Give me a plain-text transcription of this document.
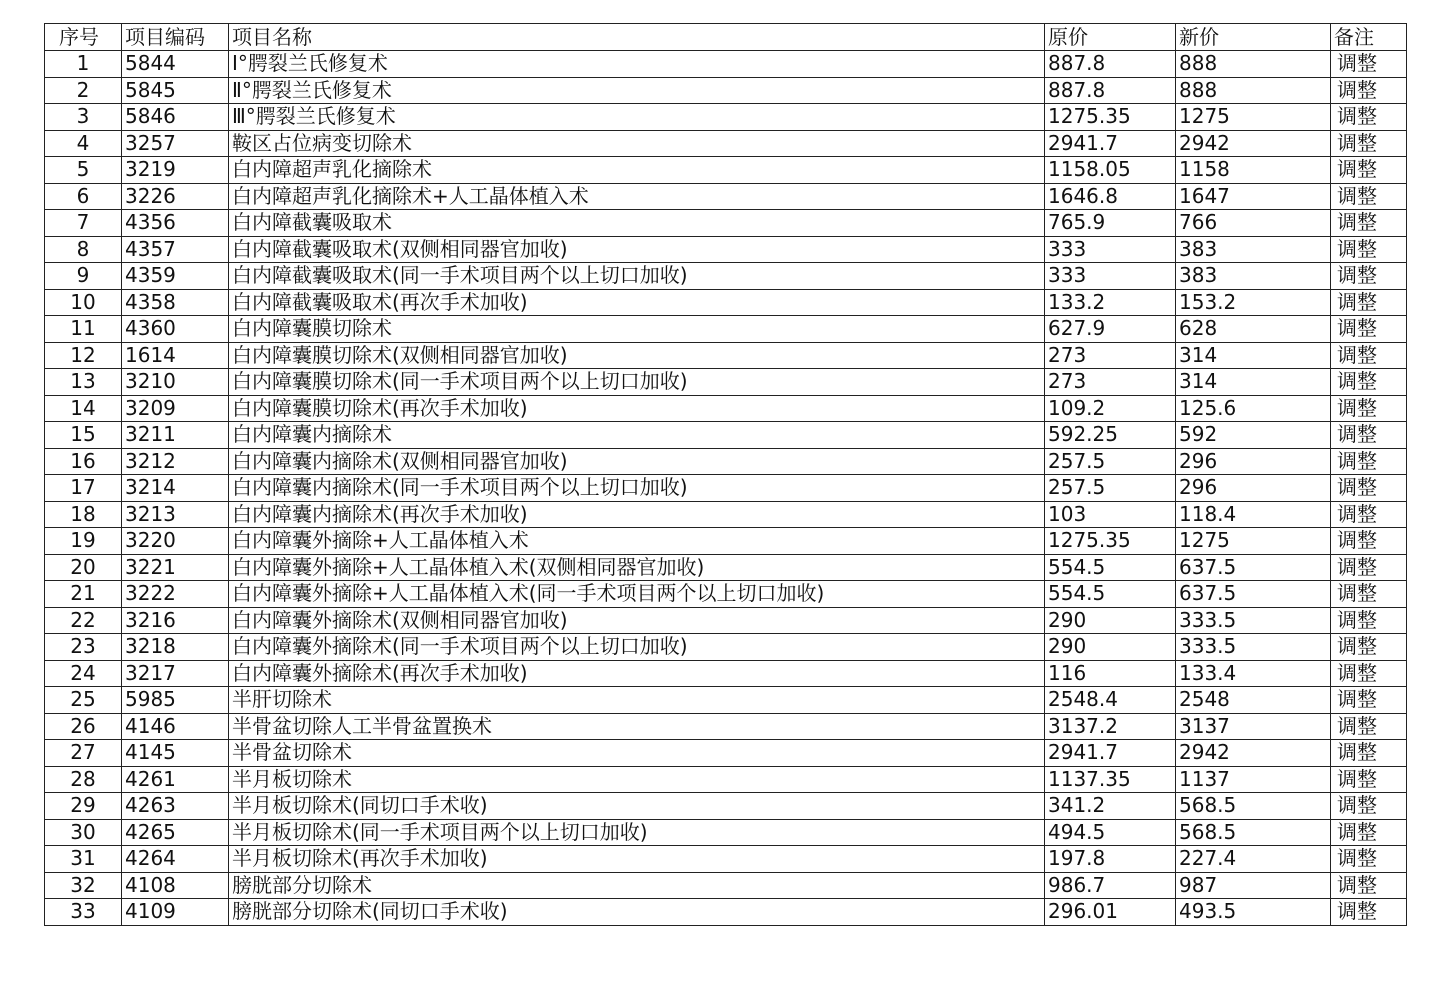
序号	项目编码	项目名称	原价	新价	备注
1	5844	Ⅰ°腭裂兰氏修复术	887.8	888	调整
2	5845	Ⅱ°腭裂兰氏修复术	887.8	888	调整
3	5846	Ⅲ°腭裂兰氏修复术	1275.35	1275	调整
4	3257	鞍区占位病变切除术	2941.7	2942	调整
5	3219	白内障超声乳化摘除术	1158.05	1158	调整
6	3226	白内障超声乳化摘除术+人工晶体植入术	1646.8	1647	调整
7	4356	白内障截囊吸取术	765.9	766	调整
8	4357	白内障截囊吸取术(双侧相同器官加收)	333	383	调整
9	4359	白内障截囊吸取术(同一手术项目两个以上切口加收)	333	383	调整
10	4358	白内障截囊吸取术(再次手术加收)	133.2	153.2	调整
11	4360	白内障囊膜切除术	627.9	628	调整
12	1614	白内障囊膜切除术(双侧相同器官加收)	273	314	调整
13	3210	白内障囊膜切除术(同一手术项目两个以上切口加收)	273	314	调整
14	3209	白内障囊膜切除术(再次手术加收)	109.2	125.6	调整
15	3211	白内障囊内摘除术	592.25	592	调整
16	3212	白内障囊内摘除术(双侧相同器官加收)	257.5	296	调整
17	3214	白内障囊内摘除术(同一手术项目两个以上切口加收)	257.5	296	调整
18	3213	白内障囊内摘除术(再次手术加收)	103	118.4	调整
19	3220	白内障囊外摘除+人工晶体植入术	1275.35	1275	调整
20	3221	白内障囊外摘除+人工晶体植入术(双侧相同器官加收)	554.5	637.5	调整
21	3222	白内障囊外摘除+人工晶体植入术(同一手术项目两个以上切口加收)	554.5	637.5	调整
22	3216	白内障囊外摘除术(双侧相同器官加收)	290	333.5	调整
23	3218	白内障囊外摘除术(同一手术项目两个以上切口加收)	290	333.5	调整
24	3217	白内障囊外摘除术(再次手术加收)	116	133.4	调整
25	5985	半肝切除术	2548.4	2548	调整
26	4146	半骨盆切除人工半骨盆置换术	3137.2	3137	调整
27	4145	半骨盆切除术	2941.7	2942	调整
28	4261	半月板切除术	1137.35	1137	调整
29	4263	半月板切除术(同切口手术收)	341.2	568.5	调整
30	4265	半月板切除术(同一手术项目两个以上切口加收)	494.5	568.5	调整
31	4264	半月板切除术(再次手术加收)	197.8	227.4	调整
32	4108	膀胱部分切除术	986.7	987	调整
33	4109	膀胱部分切除术(同切口手术收)	296.01	493.5	调整
